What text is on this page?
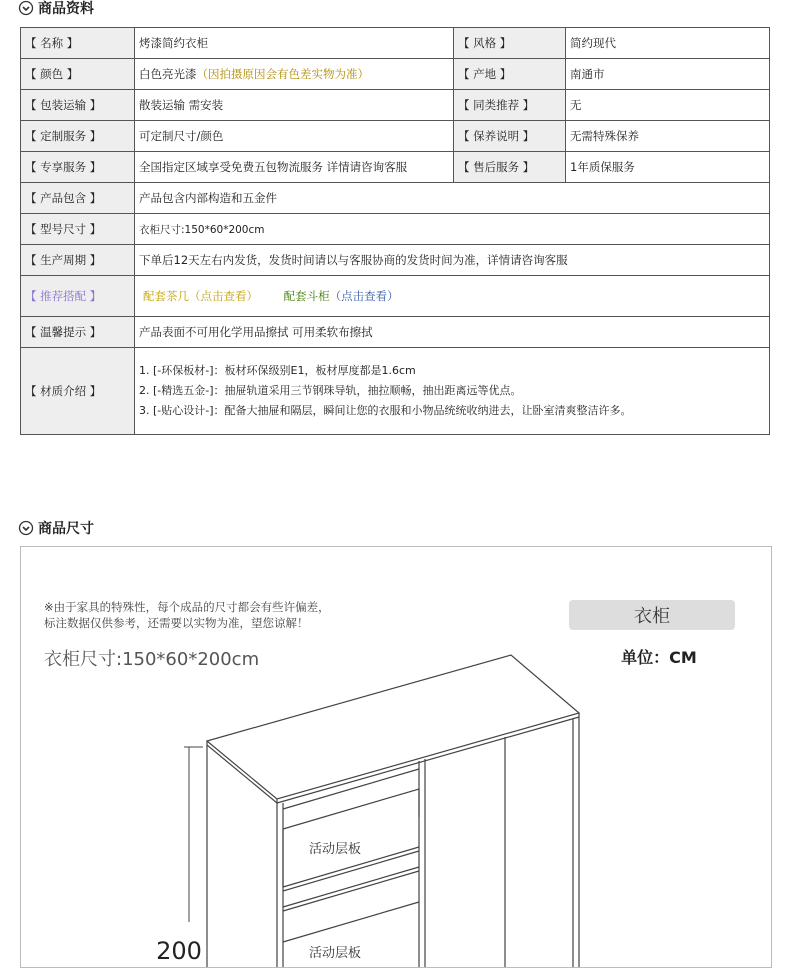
商品资料
【 名称 】	烤漆简约衣柜	【 风格 】	简约现代
【 颜色 】	白色亮光漆（因拍摄原因会有色差实物为准）	【 产地 】	南通市
【 包装运输 】	散装运输 需安装	【 同类推荐 】	无
【 定制服务 】	可定制尺寸/颜色	【 保养说明 】	无需特殊保养
【 专享服务 】	全国指定区域享受免费五包物流服务 详情请咨询客服	【 售后服务 】	1年质保服务
【 产品包含 】	产品包含内部构造和五金件		
【 型号尺寸 】	衣柜尺寸:150*60*200cm		
【 生产周期 】	下单后12天左右内发货，发货时间请以与客服协商的发货时间为准，详情请咨询客服		
【 推荐搭配 】	配套茶几（点击查看） 配套斗柜（点击查看）		
【 温馨提示 】	产品表面不可用化学用品擦拭 可用柔软布擦拭		
【 材质介绍 】	1. [-环保板材-]：板材环保级别E1，板材厚度都是1.6cm
2. [-精选五金-]：抽屉轨道采用三节钢珠导轨，抽拉顺畅，抽出距离远等优点。
3. [-贴心设计-]：配备大抽屉和隔层，瞬间让您的衣服和小物品统统收纳进去，让卧室清爽整洁许多。		
商品尺寸
※由于家具的特殊性，每个成品的尺寸都会有些许偏差，
标注数据仅供参考，还需要以实物为准，望您谅解！
衣柜尺寸:150*60*200cm
衣柜
单位：CM
200
活动层板
活动层板
